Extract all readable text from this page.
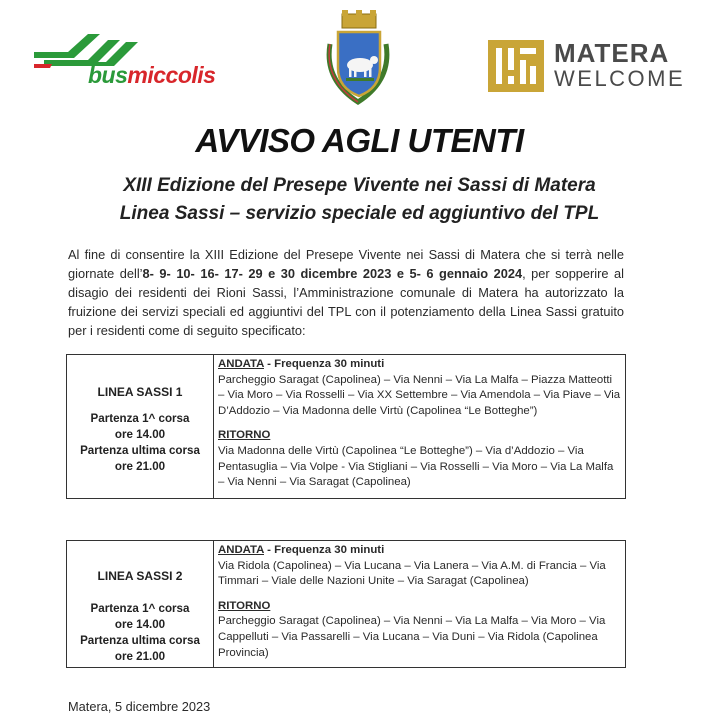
busmiccolis
MATERA
WELCOME
AVVISO AGLI UTENTI
XIII Edizione del Presepe Vivente nei Sassi di Matera
Linea Sassi – servizio speciale ed aggiuntivo del TPL
Al fine di consentire la XIII Edizione del Presepe Vivente nei Sassi di Matera che si terrà nelle giornate dell’8- 9- 10- 16- 17- 29 e 30 dicembre 2023 e 5- 6 gennaio 2024, per sopperire al disagio dei residenti dei Rioni Sassi, l’Amministrazione comunale di Matera ha autorizzato la fruizione dei servizi speciali ed aggiuntivi del TPL con il potenziamento della Linea Sassi gratuito per i residenti come di seguito specificato:
LINEA SASSI 1
Partenza 1^ corsa
ore 14.00
Partenza ultima corsa
ore 21.00
ANDATA - Frequenza 30 minuti
Parcheggio Saragat (Capolinea) – Via Nenni – Via La Malfa – Piazza Matteotti – Via Moro – Via Rosselli – Via XX Settembre – Via Amendola – Via Piave – Via D’Addozio – Via Madonna delle Virtù (Capolinea “Le Botteghe”)
RITORNO
Via Madonna delle Virtù (Capolinea “Le Botteghe”) – Via d’Addozio – Via Pentasuglia – Via Volpe - Via Stigliani – Via Rosselli – Via Moro – Via La Malfa – Via Nenni – Via Saragat (Capolinea)
LINEA SASSI 2
Partenza 1^ corsa
ore 14.00
Partenza ultima corsa
ore 21.00
ANDATA - Frequenza 30 minuti
Via Ridola (Capolinea) – Via Lucana – Via Lanera – Via A.M. di Francia – Via Timmari – Viale delle Nazioni Unite – Via Saragat (Capolinea)
RITORNO
Parcheggio Saragat (Capolinea) – Via Nenni – Via La Malfa – Via Moro – Via Cappelluti – Via Passarelli – Via Lucana – Via Duni – Via Ridola (Capolinea Provincia)
Matera, 5 dicembre 2023
